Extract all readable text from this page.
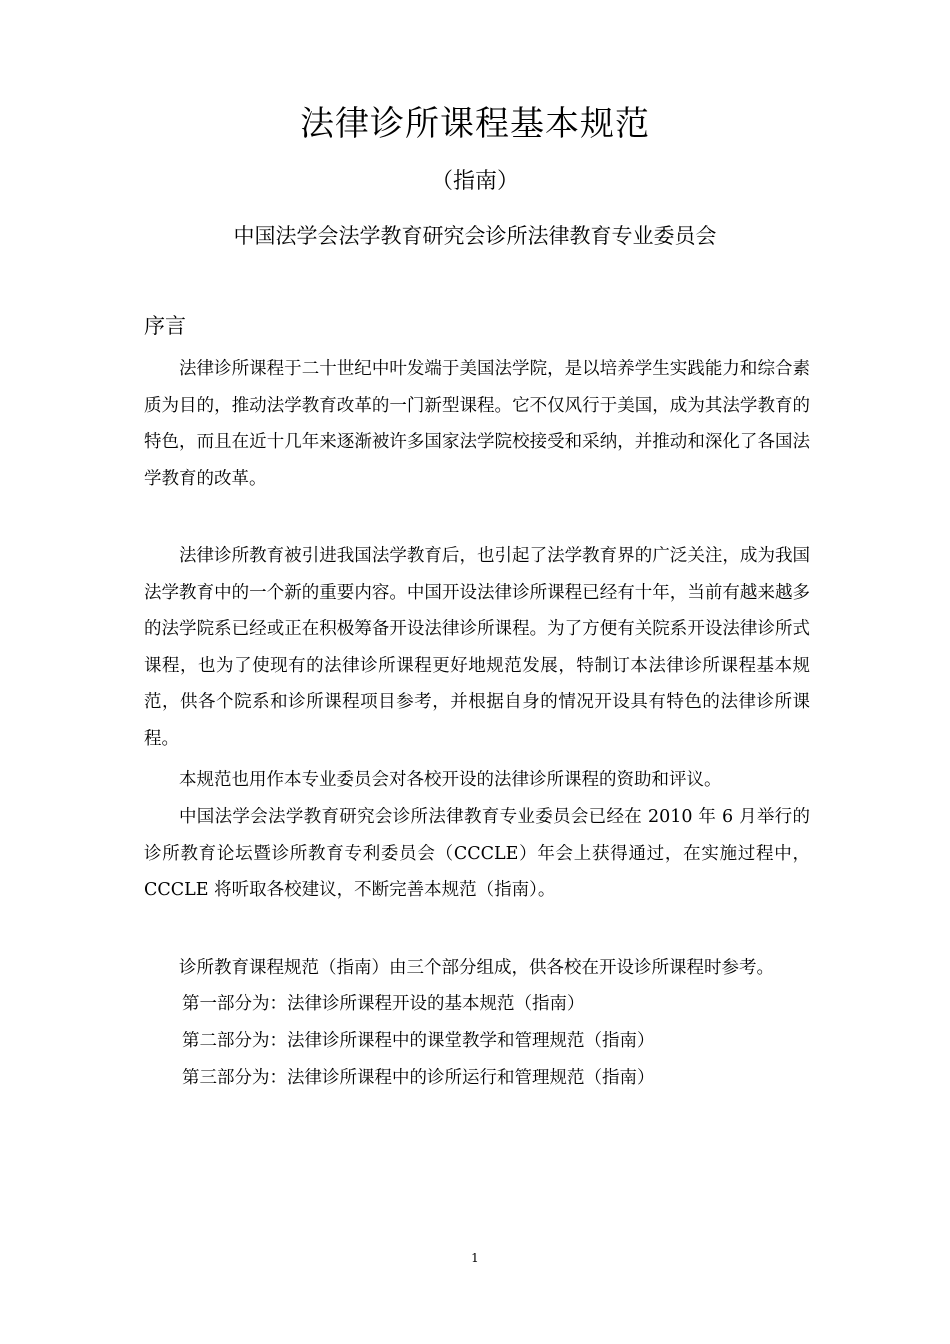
法律诊所课程基本规范
（指南）
中国法学会法学教育研究会诊所法律教育专业委员会
序言
法律诊所课程于二十世纪中叶发端于美国法学院，是以培养学生实践能力和综合素质为目的，推动法学教育改革的一门新型课程。它不仅风行于美国，成为其法学教育的特色，而且在近十几年来逐渐被许多国家法学院校接受和采纳，并推动和深化了各国法学教育的改革。
法律诊所教育被引进我国法学教育后，也引起了法学教育界的广泛关注，成为我国法学教育中的一个新的重要内容。中国开设法律诊所课程已经有十年，当前有越来越多的法学院系已经或正在积极筹备开设法律诊所课程。为了方便有关院系开设法律诊所式课程，也为了使现有的法律诊所课程更好地规范发展，特制订本法律诊所课程基本规范，供各个院系和诊所课程项目参考，并根据自身的情况开设具有特色的法律诊所课程。
本规范也用作本专业委员会对各校开设的法律诊所课程的资助和评议。
中国法学会法学教育研究会诊所法律教育专业委员会已经在 2010 年 6 月举行的诊所教育论坛暨诊所教育专利委员会（CCCLE）年会上获得通过，在实施过程中，CCCLE 将听取各校建议，不断完善本规范（指南）。
诊所教育课程规范（指南）由三个部分组成，供各校在开设诊所课程时参考。
第一部分为：法律诊所课程开设的基本规范（指南）
第二部分为：法律诊所课程中的课堂教学和管理规范（指南）
第三部分为：法律诊所课程中的诊所运行和管理规范（指南）
1
